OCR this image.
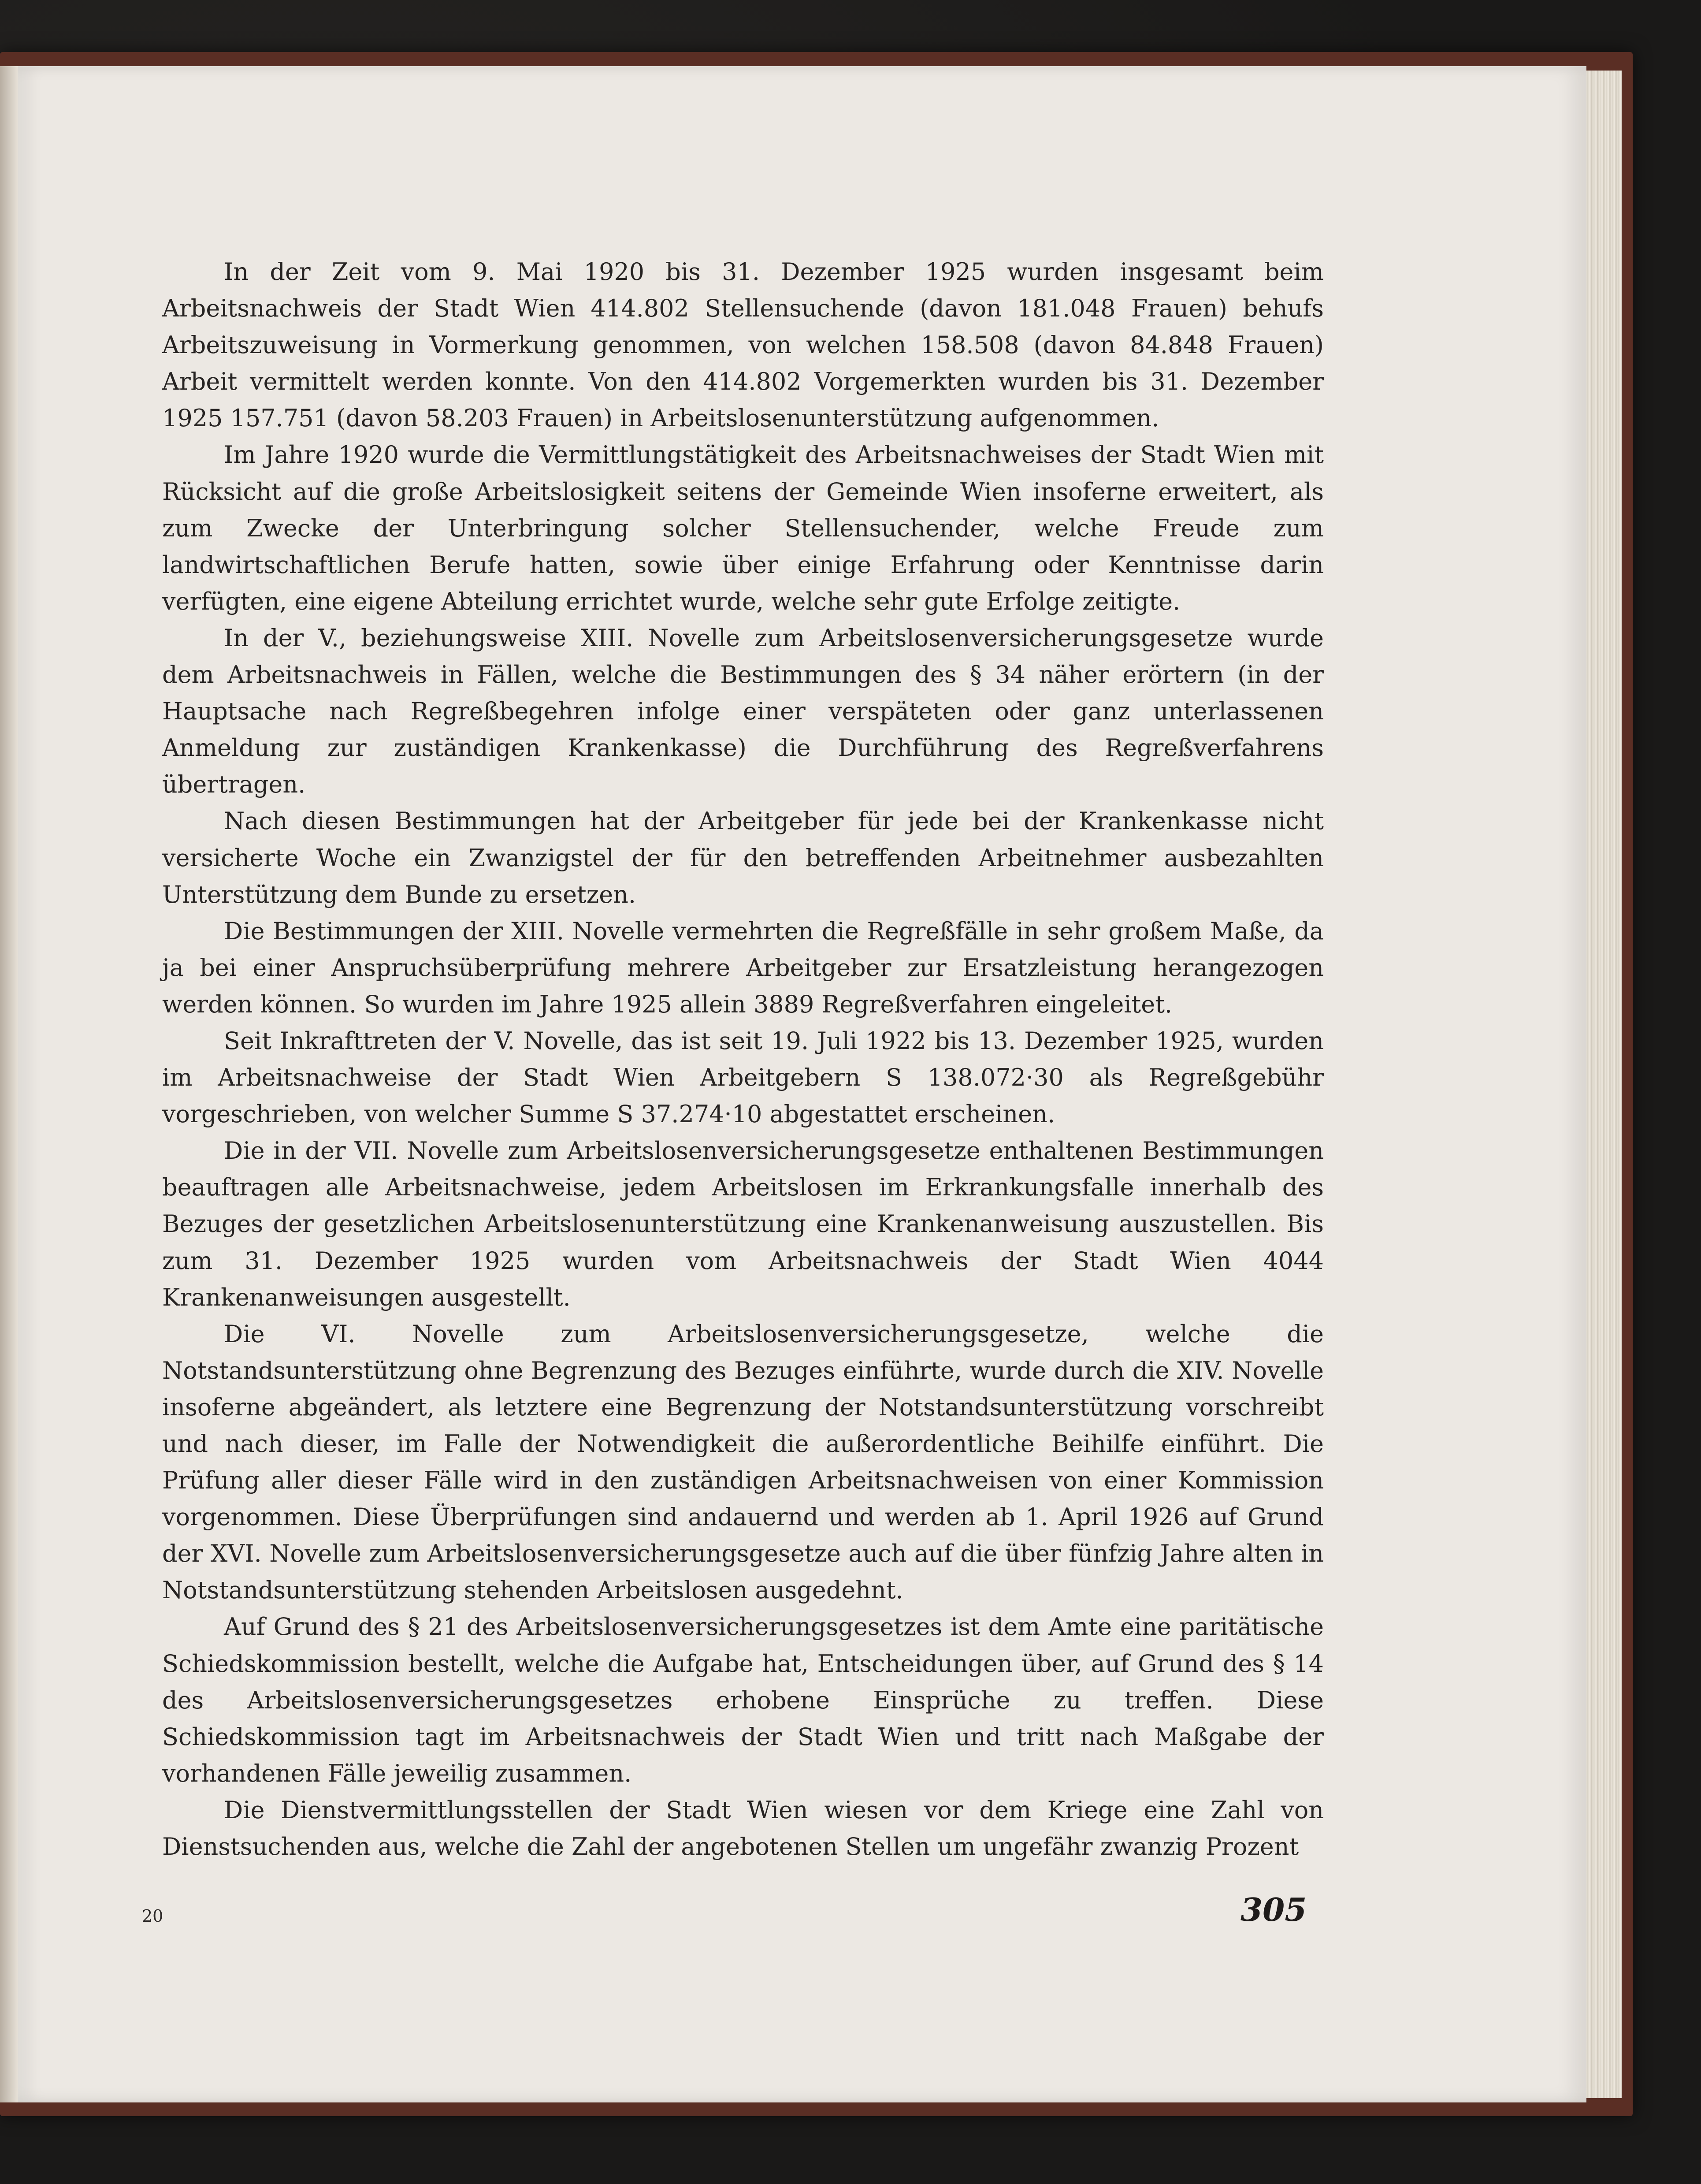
In der Zeit vom 9. Mai 1920 bis 31. Dezember 1925 wurden insgesamt beim Arbeitsnachweis der Stadt Wien 414.802 Stellensuchende (davon 181.048 Frauen) behufs Arbeitszuweisung in Vormerkung genommen, von welchen 158.508 (davon 84.848 Frauen) Arbeit vermittelt werden konnte. Von den 414.802 Vorgemerkten wurden bis 31. Dezember 1925 157.751 (davon 58.203 Frauen) in Arbeitslosenunterstützung aufgenommen.

Im Jahre 1920 wurde die Vermittlungstätigkeit des Arbeitsnachweises der Stadt Wien mit Rücksicht auf die große Arbeitslosigkeit seitens der Gemeinde Wien insoferne erweitert, als zum Zwecke der Unterbringung solcher Stellensuchender, welche Freude zum landwirtschaftlichen Berufe hatten, sowie über einige Erfahrung oder Kenntnisse darin verfügten, eine eigene Abteilung errichtet wurde, welche sehr gute Erfolge zeitigte.

In der V., beziehungsweise XIII. Novelle zum Arbeitslosenversicherungsgesetze wurde dem Arbeitsnachweis in Fällen, welche die Bestimmungen des § 34 näher erörtern (in der Hauptsache nach Regreßbegehren infolge einer verspäteten oder ganz unterlassenen Anmeldung zur zuständigen Krankenkasse) die Durchführung des Regreßverfahrens übertragen.

Nach diesen Bestimmungen hat der Arbeitgeber für jede bei der Krankenkasse nicht versicherte Woche ein Zwanzigstel der für den betreffenden Arbeitnehmer ausbezahlten Unterstützung dem Bunde zu ersetzen.

Die Bestimmungen der XIII. Novelle vermehrten die Regreßfälle in sehr großem Maße, da ja bei einer Anspruchsüberprüfung mehrere Arbeitgeber zur Ersatzleistung herangezogen werden können. So wurden im Jahre 1925 allein 3889 Regreßverfahren eingeleitet.

Seit Inkrafttreten der V. Novelle, das ist seit 19. Juli 1922 bis 13. Dezember 1925, wurden im Arbeitsnachweise der Stadt Wien Arbeitgebern S 138.072·30 als Regreßgebühr vorgeschrieben, von welcher Summe S 37.274·10 abgestattet erscheinen.

Die in der VII. Novelle zum Arbeitslosenversicherungsgesetze enthaltenen Bestimmungen beauftragen alle Arbeitsnachweise, jedem Arbeitslosen im Erkrankungsfalle innerhalb des Bezuges der gesetzlichen Arbeitslosenunterstützung eine Krankenanweisung auszustellen. Bis zum 31. Dezember 1925 wurden vom Arbeitsnachweis der Stadt Wien 4044 Krankenanweisungen ausgestellt.

Die VI. Novelle zum Arbeitslosenversicherungsgesetze, welche die Notstandsunterstützung ohne Begrenzung des Bezuges einführte, wurde durch die XIV. Novelle insoferne abgeändert, als letztere eine Begrenzung der Notstandsunterstützung vorschreibt und nach dieser, im Falle der Notwendigkeit die außerordentliche Beihilfe einführt. Die Prüfung aller dieser Fälle wird in den zuständigen Arbeitsnachweisen von einer Kommission vorgenommen. Diese Überprüfungen sind andauernd und werden ab 1. April 1926 auf Grund der XVI. Novelle zum Arbeitslosenversicherungsgesetze auch auf die über fünfzig Jahre alten in Notstandsunterstützung stehenden Arbeitslosen ausgedehnt.

Auf Grund des § 21 des Arbeitslosenversicherungsgesetzes ist dem Amte eine paritätische Schiedskommission bestellt, welche die Aufgabe hat, Entscheidungen über, auf Grund des § 14 des Arbeitslosenversicherungsgesetzes erhobene Einsprüche zu treffen. Diese Schiedskommission tagt im Arbeitsnachweis der Stadt Wien und tritt nach Maßgabe der vorhandenen Fälle jeweilig zusammen.

Die Dienstvermittlungsstellen der Stadt Wien wiesen vor dem Kriege eine Zahl von Dienstsuchenden aus, welche die Zahl der angebotenen Stellen um ungefähr zwanzig Prozent

20	305
